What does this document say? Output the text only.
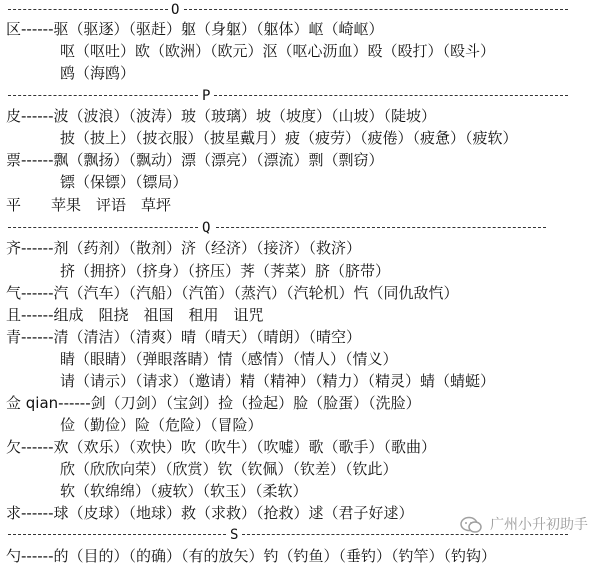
O
区------驱（驱逐）（驱赶）躯（身躯）（躯体）岖（崎岖）
呕（呕吐）欧（欧洲）（欧元）沤（呕心沥血）殴（殴打）（殴斗）
鸥（海鸥）
P
皮------波（波浪）（波涛）玻（玻璃）坡（坡度）（山坡）（陡坡）
披（披上）（披衣服）（披星戴月）疲（疲劳）（疲倦）（疲惫）（疲软）
票------飘（飘扬）（飘动）漂（漂亮）（漂流）剽（剽窃）
镖（保镖）（镖局）
平　　苹果　评语　草坪
Q
齐------剂（药剂）（散剂）济（经济）（接济）（救济）
挤（拥挤）（挤身）（挤压）荠（荠菜）脐（脐带）
气------汽（汽车）（汽船）（汽笛）（蒸汽）（汽轮机）忾（同仇敌忾）
且------组成　阻挠　祖国　租用　诅咒
青------清（清洁）（清爽）晴（晴天）（晴朗）（晴空）
睛（眼睛）（弹眼落睛）情（感情）（情人）（情义）
请（请示）（请求）（邀请）精（精神）（精力）（精灵）蜻（蜻蜓）
佥 qian------剑（刀剑）（宝剑）捡（捡起）脸（脸蛋）（洗脸）
俭（勤俭）险（危险）（冒险）
欠------欢（欢乐）（欢快）吹（吹牛）（吹嘘）歌（歌手）（歌曲）
欣（欣欣向荣）（欣赏）钦（钦佩）（钦差）（钦此）
软（软绵绵）（疲软）（软玉）（柔软）
求------球（皮球）（地球）救（求救）（抢救）逑（君子好逑）
S
勺------的（目的）（的确）（有的放矢）钓（钓鱼）（垂钓）（钓竿）（钓钩）
广州小升初助手
